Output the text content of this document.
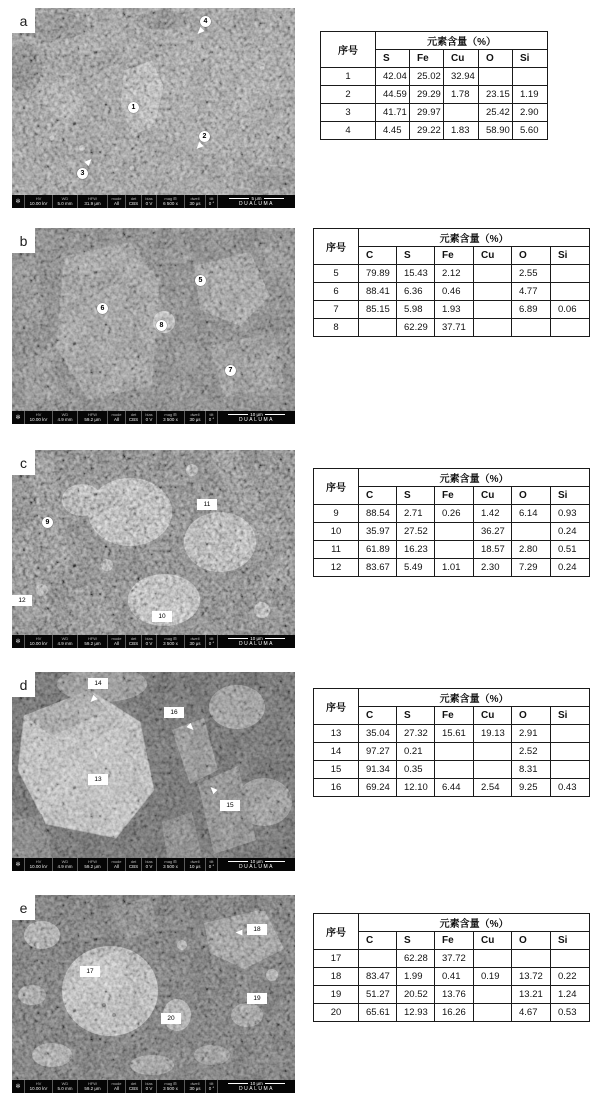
a
1
2
3
4
✻
HV
10.00 kV
WD
5.0 mm
HFW
31.9 μm
mode
All
det
CBS
bias
0 V
mag ⊞
6 500 x
dwell
30 μs
tilt
0 °
5 μm
DUALUMA
b
5
6
7
8
✻
HV
10.00 kV
WD
4.9 mm
HFW
59.2 μm
mode
All
det
CBS
bias
0 V
mag ⊞
3 500 x
dwell
30 μs
tilt
0 °
10 μm
DUALUMA
c
9
10
11
12
✻
HV
10.00 kV
WD
4.9 mm
HFW
59.2 μm
mode
All
det
CBS
bias
0 V
mag ⊞
3 500 x
dwell
30 μs
tilt
0 °
10 μm
DUALUMA
d
13
14
15
16
✻
HV
10.00 kV
WD
4.9 mm
HFW
59.2 μm
mode
All
det
CBS
bias
0 V
mag ⊞
3 500 x
dwell
10 μs
tilt
0 °
10 μm
DUALUMA
e
17
18
19
20
✻
HV
10.00 kV
WD
5.0 mm
HFW
59.2 μm
mode
All
det
CBS
bias
0 V
mag ⊞
3 500 x
dwell
30 μs
tilt
0 °
10 μm
DUALUMA
序号	元素含量（%）				
	S	Fe	Cu	O	Si
1	42.04	25.02	32.94		
2	44.59	29.29	1.78	23.15	1.19
3	41.71	29.97		25.42	2.90
4	4.45	29.22	1.83	58.90	5.60
序号	元素含量（%）					
	C	S	Fe	Cu	O	Si
5	79.89	15.43	2.12		2.55	
6	88.41	6.36	0.46		4.77	
7	85.15	5.98	1.93		6.89	0.06
8		62.29	37.71			
序号	元素含量（%）					
	C	S	Fe	Cu	O	Si
9	88.54	2.71	0.26	1.42	6.14	0.93
10	35.97	27.52		36.27		0.24
11	61.89	16.23		18.57	2.80	0.51
12	83.67	5.49	1.01	2.30	7.29	0.24
序号	元素含量（%）					
	C	S	Fe	Cu	O	Si
13	35.04	27.32	15.61	19.13	2.91	
14	97.27	0.21			2.52	
15	91.34	0.35			8.31	
16	69.24	12.10	6.44	2.54	9.25	0.43
序号	元素含量（%）					
	C	S	Fe	Cu	O	Si
17		62.28	37.72			
18	83.47	1.99	0.41	0.19	13.72	0.22
19	51.27	20.52	13.76		13.21	1.24
20	65.61	12.93	16.26		4.67	0.53
